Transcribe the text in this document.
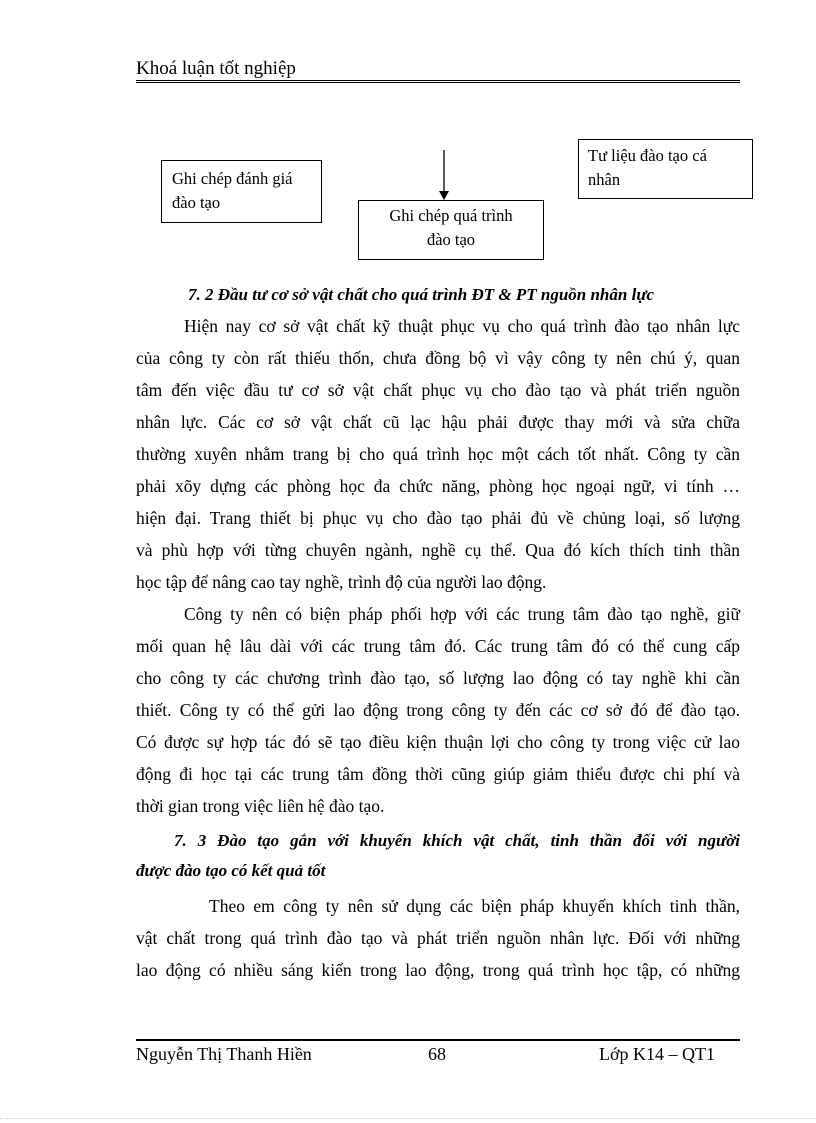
Khoá luận tốt nghiệp
Ghi chép đánh giá
đào tạo
Tư liệu đào tạo cá
nhân
Ghi chép quá trình
đào tạo
7. 2 Đầu tư cơ sở vật chất cho quá trình ĐT & PT nguồn nhân lực
Hiện nay cơ sở vật chất kỹ thuật phục vụ cho quá trình đào tạo nhân lực
của công ty còn rất thiếu thốn, chưa đồng bộ vì vậy công ty nên chú ý, quan
tâm đến việc đầu tư cơ sở vật chất phục vụ cho đào tạo và phát triển nguồn
nhân lực. Các cơ sở vật chất cũ lạc hậu phải được thay mới và sửa chữa
thường xuyên nhằm trang bị cho quá trình học một cách tốt nhất. Công ty cần
phải xõy dựng các phòng học đa chức năng, phòng học ngoại ngữ, vi tính …
hiện đại. Trang thiết bị phục vụ cho đào tạo phải đủ về chủng loại, số lượng
và phù hợp với từng chuyên ngành, nghề cụ thể. Qua đó kích thích tinh thần
học tập để nâng cao tay nghề, trình độ của người lao động.
Công ty nên có biện pháp phối hợp với các trung tâm đào tạo nghề, giữ
mối quan hệ lâu dài với các trung tâm đó. Các trung tâm đó có thể cung cấp
cho công ty các chương trình đào tạo, số lượng lao động có tay nghề khi cần
thiết. Công ty có thể gửi lao động trong công ty đến các cơ sở đó để đào tạo.
Có được sự hợp tác đó sẽ tạo điều kiện thuận lợi cho công ty trong việc cử lao
động đi học tại các trung tâm đồng thời cũng giúp giảm thiểu được chi phí và
thời gian trong việc liên hệ đào tạo.
7. 3 Đào tạo gắn với khuyến khích vật chất, tinh thần đối với người
được đào tạo có kết quả tốt
Theo em công ty nên sử dụng các biện pháp khuyến khích tinh thần,
vật chất trong quá trình đào tạo và phát triển nguồn nhân lực. Đối với những
lao động có nhiều sáng kiến trong lao động, trong quá trình học tập, có những
Nguyễn Thị Thanh Hiền	68	Lớp K14 – QT1
